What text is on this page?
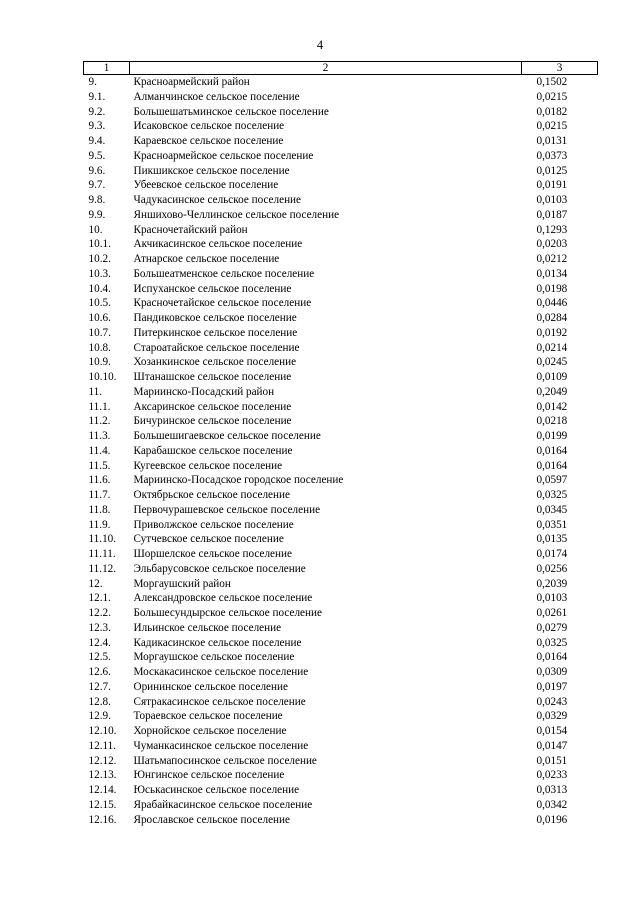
4
1	2	3
9.	Красноармейский район	0,1502
9.1.	Алманчинское сельское поселение	0,0215
9.2.	Большешатьминское сельское поселение	0,0182
9.3.	Исаковское сельское поселение	0,0215
9.4.	Караевское сельское поселение	0,0131
9.5.	Красноармейское сельское поселение	0,0373
9.6.	Пикшикское сельское поселение	0,0125
9.7.	Убеевское сельское поселение	0,0191
9.8.	Чадукасинское сельское поселение	0,0103
9.9.	Яншихово-Челлинское сельское поселение	0,0187
10.	Красночетайский район	0,1293
10.1.	Акчикасинское сельское поселение	0,0203
10.2.	Атнарское сельское поселение	0,0212
10.3.	Большеатменское сельское поселение	0,0134
10.4.	Испуханское сельское поселение	0,0198
10.5.	Красночетайское сельское поселение	0,0446
10.6.	Пандиковское сельское поселение	0,0284
10.7.	Питеркинское сельское поселение	0,0192
10.8.	Староатайское сельское поселение	0,0214
10.9.	Хозанкинское сельское поселение	0,0245
10.10.	Штанашское сельское поселение	0,0109
11.	Мариинско-Посадский район	0,2049
11.1.	Аксаринское сельское поселение	0,0142
11.2.	Бичуринское сельское поселение	0,0218
11.3.	Большешигаевское сельское поселение	0,0199
11.4.	Карабашское сельское поселение	0,0164
11.5.	Кугеевское сельское поселение	0,0164
11.6.	Мариинско-Посадское городское поселение	0,0597
11.7.	Октябрьское сельское поселение	0,0325
11.8.	Первочурашевское сельское поселение	0,0345
11.9.	Приволжское сельское поселение	0,0351
11.10.	Сутчевское сельское поселение	0,0135
11.11.	Шоршелское сельское поселение	0,0174
11.12.	Эльбарусовское сельское поселение	0,0256
12.	Моргаушский район	0,2039
12.1.	Александровское сельское поселение	0,0103
12.2.	Большесундырское сельское поселение	0,0261
12.3.	Ильинское сельское поселение	0,0279
12.4.	Кадикасинское сельское поселение	0,0325
12.5.	Моргаушское сельское поселение	0,0164
12.6.	Москакасинское сельское поселение	0,0309
12.7.	Орининское сельское поселение	0,0197
12.8.	Сятракасинское сельское поселение	0,0243
12.9.	Тораевское сельское поселение	0,0329
12.10.	Хорнойское сельское поселение	0,0154
12.11.	Чуманкасинское сельское поселение	0,0147
12.12.	Шатьмапосинское сельское поселение	0,0151
12.13.	Юнгинское сельское поселение	0,0233
12.14.	Юськасинское сельское поселение	0,0313
12.15.	Ярабайкасинское сельское поселение	0,0342
12.16.	Ярославское сельское поселение	0,0196
